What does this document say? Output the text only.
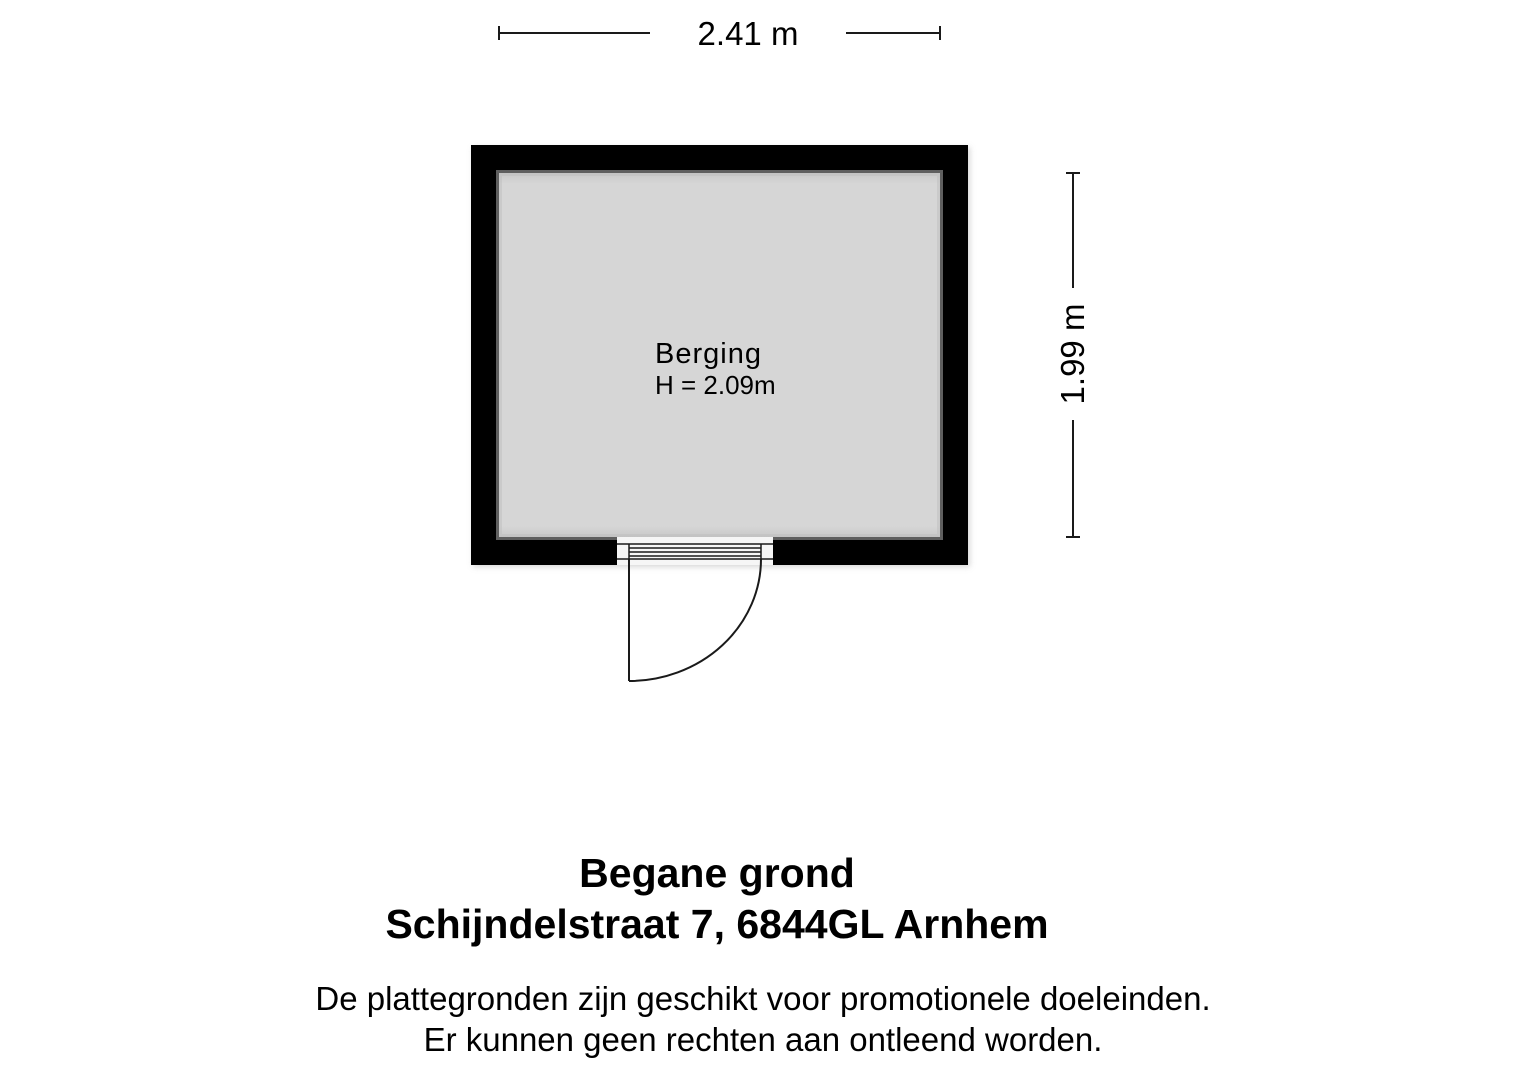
2.41 m
1.99 m
Berging
H = 2.09m
Begane grond
Schijndelstraat 7, 6844GL Arnhem
De plattegronden zijn geschikt voor promotionele doeleinden.
Er kunnen geen rechten aan ontleend worden.
